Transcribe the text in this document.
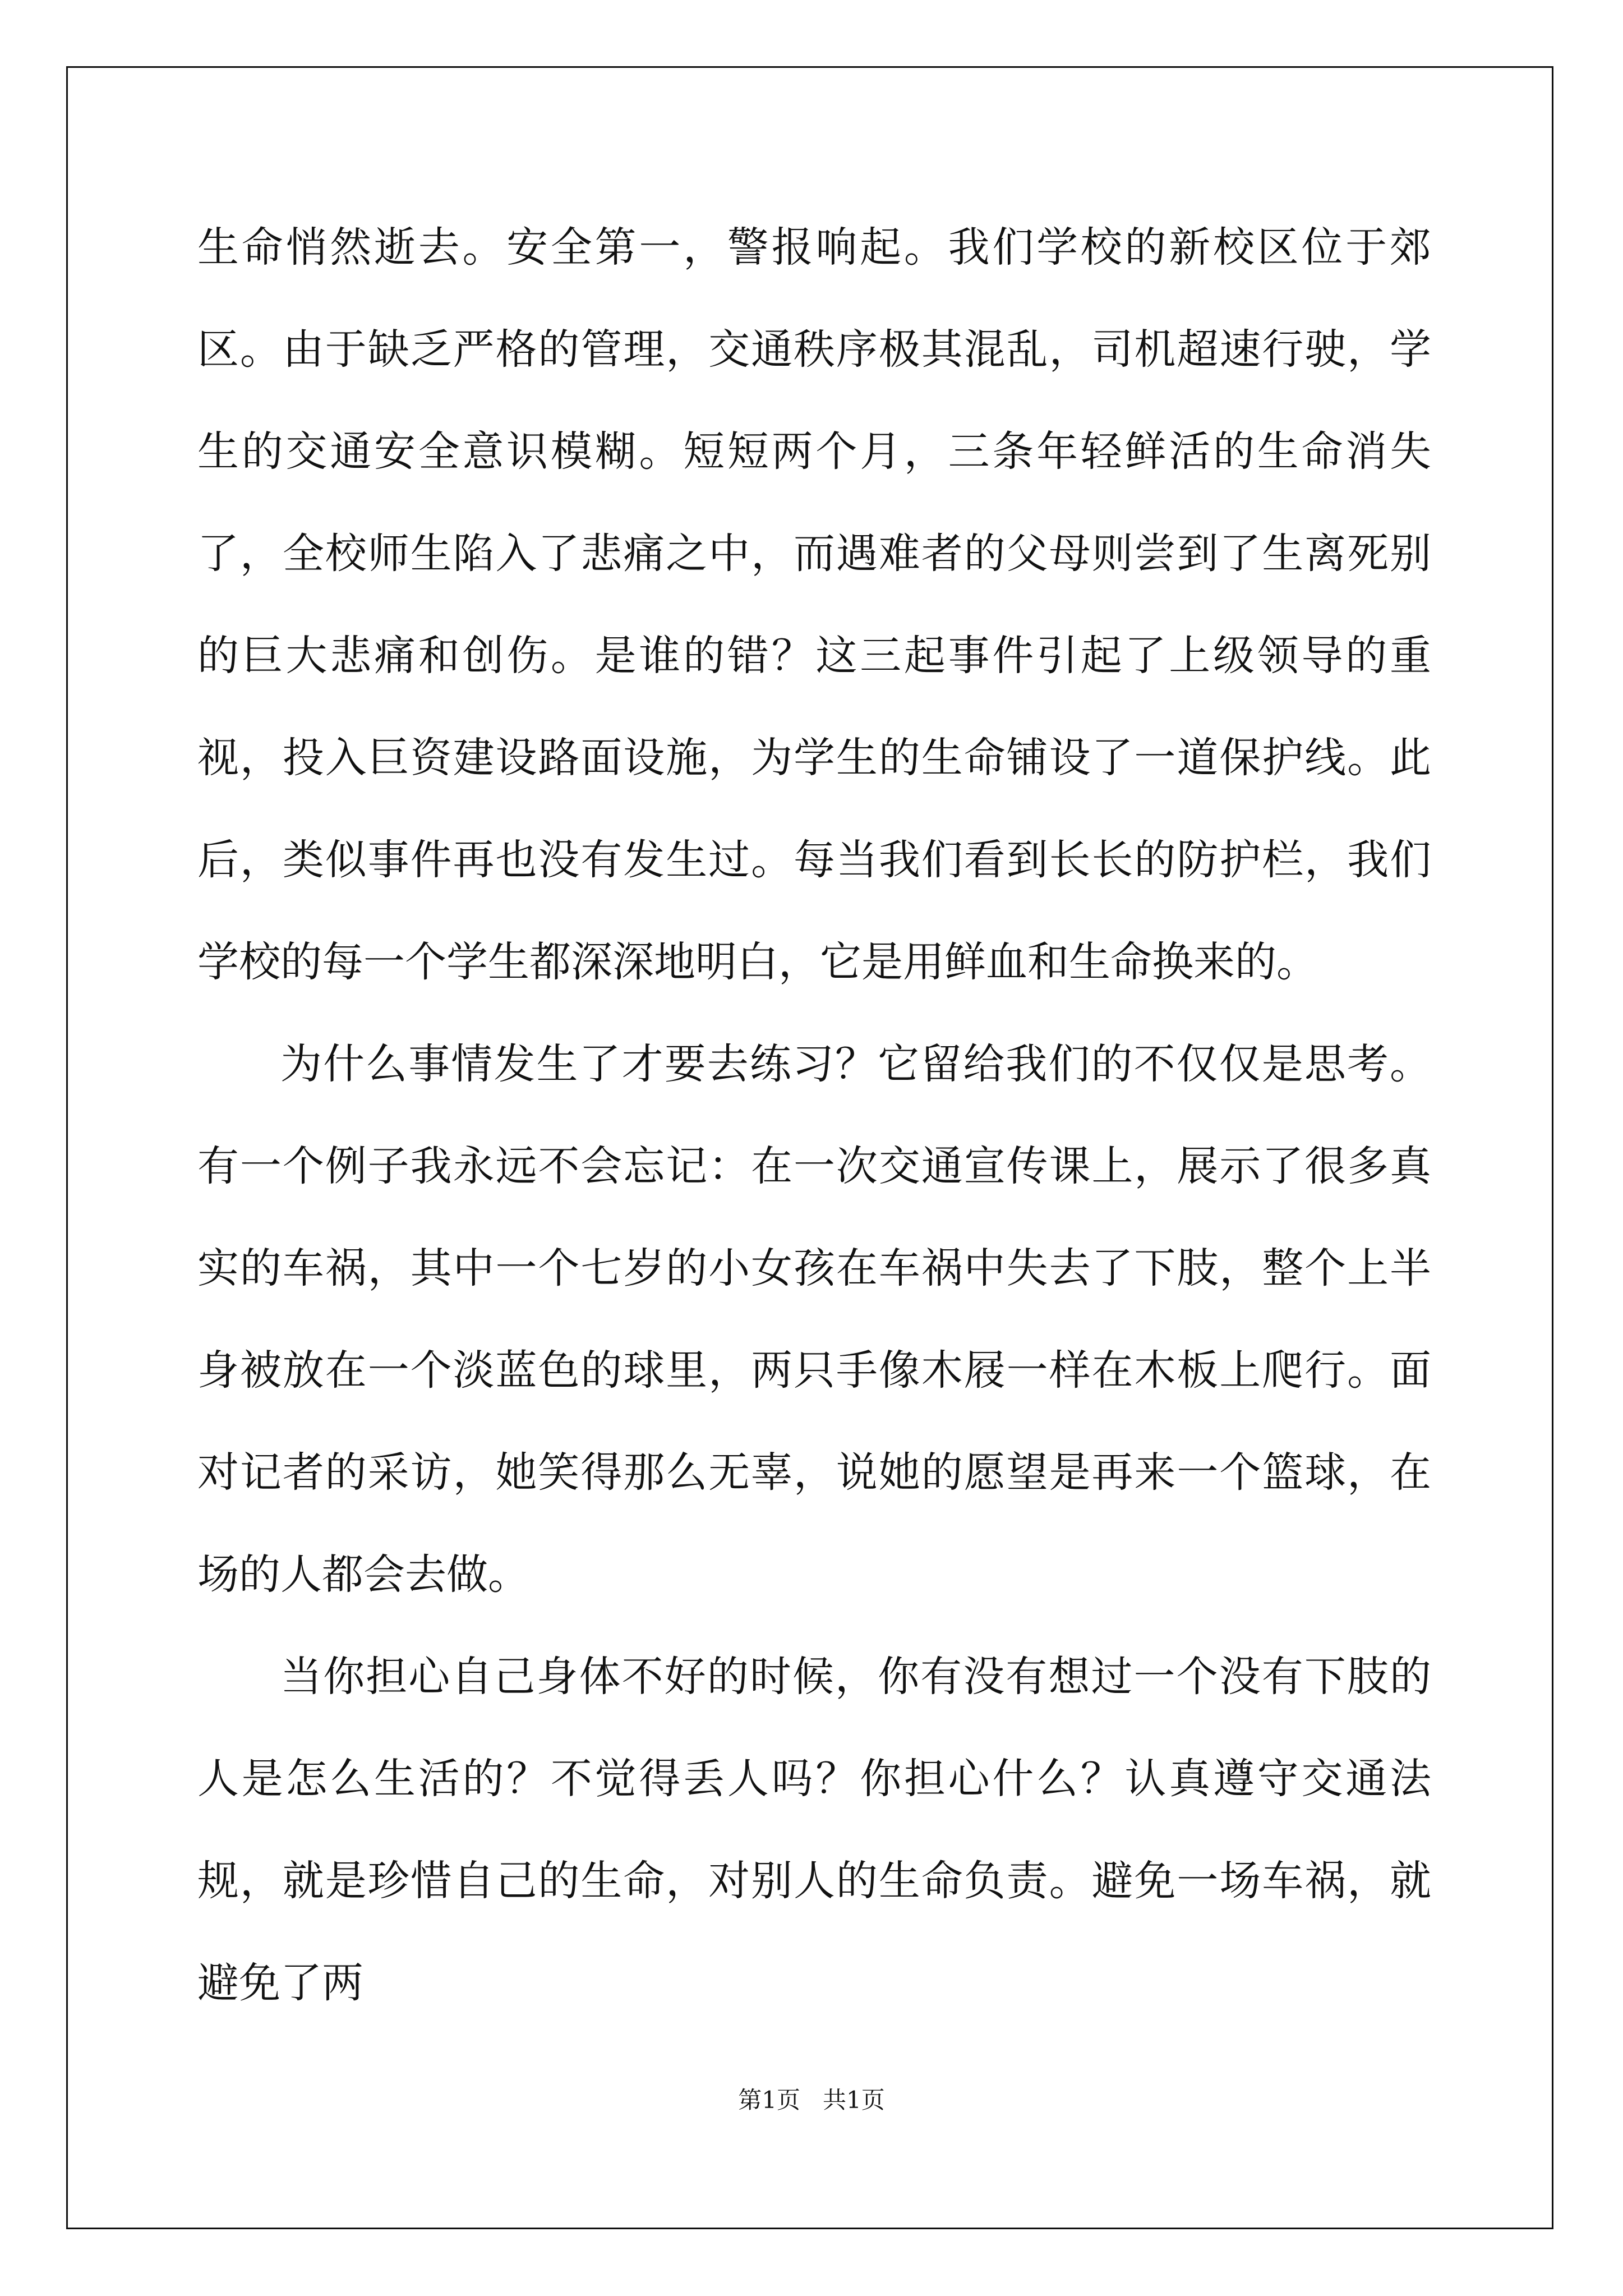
生命悄然逝去。安全第一，警报响起。我们学校的新校区位于郊区。由于缺乏严格的管理，交通秩序极其混乱，司机超速行驶，学生的交通安全意识模糊。短短两个月，三条年轻鲜活的生命消失了，全校师生陷入了悲痛之中，而遇难者的父母则尝到了生离死别的巨大悲痛和创伤。是谁的错？这三起事件引起了上级领导的重视，投入巨资建设路面设施，为学生的生命铺设了一道保护线。此后，类似事件再也没有发生过。每当我们看到长长的防护栏，我们学校的每一个学生都深深地明白，它是用鲜血和生命换来的。

为什么事情发生了才要去练习？它留给我们的不仅仅是思考。有一个例子我永远不会忘记：在一次交通宣传课上，展示了很多真实的车祸，其中一个七岁的小女孩在车祸中失去了下肢，整个上半身被放在一个淡蓝色的球里，两只手像木屐一样在木板上爬行。面对记者的采访，她笑得那么无辜，说她的愿望是再来一个篮球，在场的人都会去做。

当你担心自己身体不好的时候，你有没有想过一个没有下肢的人是怎么生活的？不觉得丢人吗？你担心什么？认真遵守交通法规，就是珍惜自己的生命，对别人的生命负责。避免一场车祸，就避免了两

第1页 共1页
